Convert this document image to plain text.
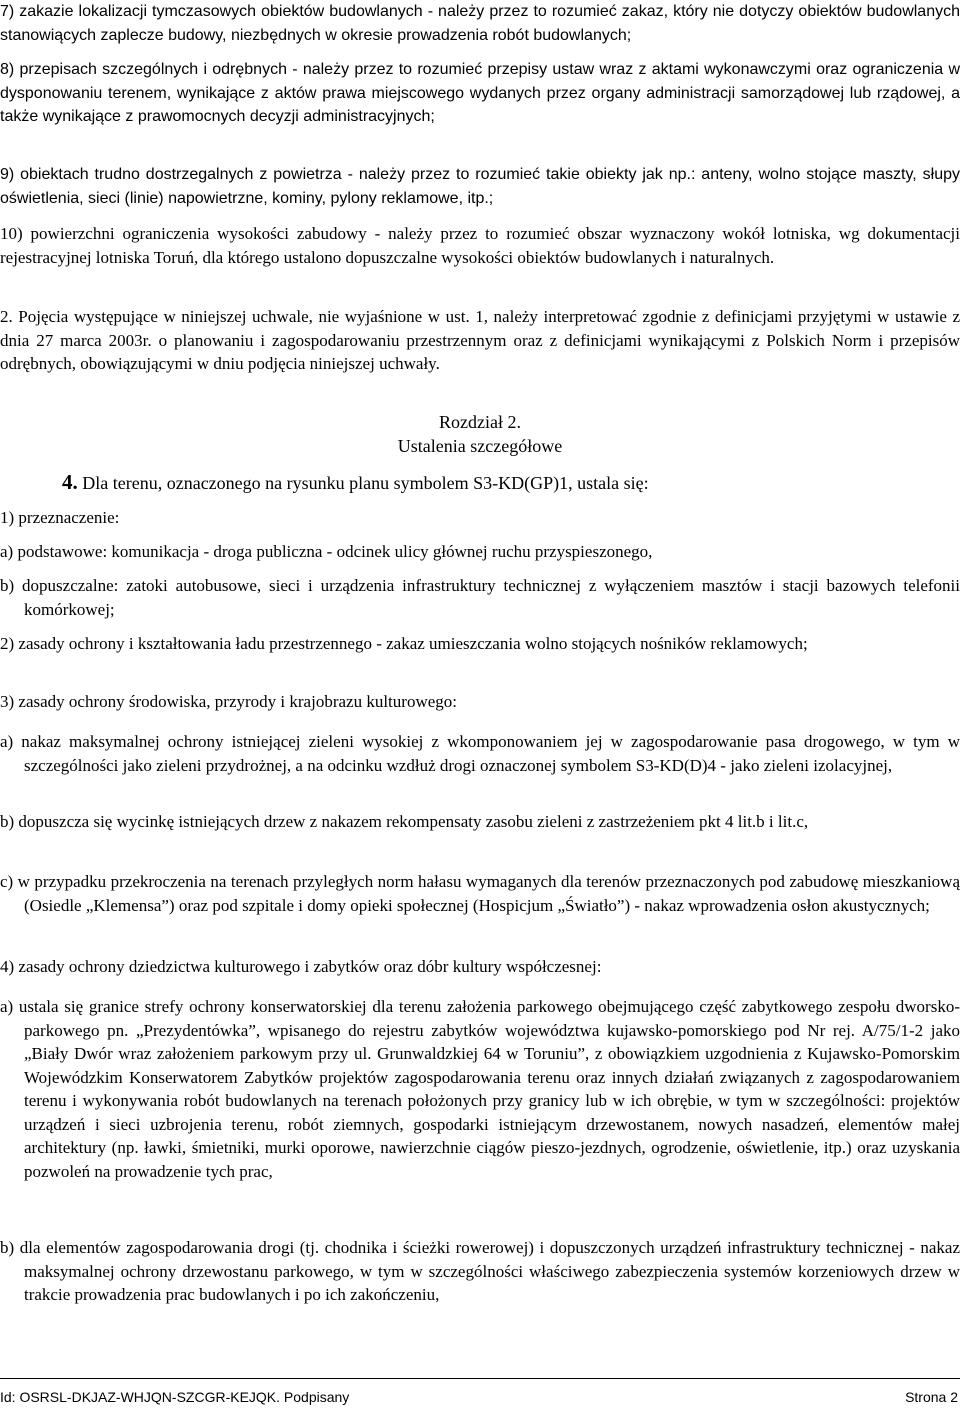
7) zakazie lokalizacji tymczasowych obiektów budowlanych - należy przez to rozumieć zakaz, który nie dotyczy obiektów budowlanych stanowiących zaplecze budowy, niezbędnych w okresie prowadzenia robót budowlanych;

8) przepisach szczególnych i odrębnych - należy przez to rozumieć przepisy ustaw wraz z aktami wykonawczymi oraz ograniczenia w dysponowaniu terenem, wynikające z aktów prawa miejscowego wydanych przez organy administracji samorządowej lub rządowej, a także wynikające z prawomocnych decyzji administracyjnych;

9) obiektach trudno dostrzegalnych z powietrza - należy przez to rozumieć takie obiekty jak np.: anteny, wolno stojące maszty, słupy oświetlenia, sieci (linie) napowietrzne, kominy, pylony reklamowe, itp.;

10) powierzchni ograniczenia wysokości zabudowy - należy przez to rozumieć obszar wyznaczony wokół lotniska, wg dokumentacji rejestracyjnej lotniska Toruń, dla którego ustalono dopuszczalne wysokości obiektów budowlanych i naturalnych.

2. Pojęcia występujące w niniejszej uchwale, nie wyjaśnione w ust. 1, należy interpretować zgodnie z definicjami przyjętymi w ustawie z dnia 27 marca 2003r. o planowaniu i zagospodarowaniu przestrzennym oraz z definicjami wynikającymi z Polskich Norm i przepisów odrębnych, obowiązującymi w dniu podjęcia niniejszej uchwały.

Rozdział 2.
Ustalenia szczegółowe
4. Dla terenu, oznaczonego na rysunku planu symbolem S3-KD(GP)1, ustala się:

1) przeznaczenie:

a) podstawowe: komunikacja - droga publiczna - odcinek ulicy głównej ruchu przyspieszonego,

b) dopuszczalne: zatoki autobusowe, sieci i urządzenia infrastruktury technicznej z wyłączeniem masztów i stacji bazowych telefonii komórkowej;

2) zasady ochrony i kształtowania ładu przestrzennego - zakaz umieszczania wolno stojących nośników reklamowych;

3) zasady ochrony środowiska, przyrody i krajobrazu kulturowego:

a) nakaz maksymalnej ochrony istniejącej zieleni wysokiej z wkomponowaniem jej w zagospodarowanie pasa drogowego, w tym w szczególności jako zieleni przydrożnej, a na odcinku wzdłuż drogi oznaczonej symbolem S3-KD(D)4 - jako zieleni izolacyjnej,

b) dopuszcza się wycinkę istniejących drzew z nakazem rekompensaty zasobu zieleni z zastrzeżeniem pkt 4 lit.b i lit.c,

c) w przypadku przekroczenia na terenach przyległych norm hałasu wymaganych dla terenów przeznaczonych pod zabudowę mieszkaniową (Osiedle „Klemensa”) oraz pod szpitale i domy opieki społecznej (Hospicjum „Światło”) - nakaz wprowadzenia osłon akustycznych;

4) zasady ochrony dziedzictwa kulturowego i zabytków oraz dóbr kultury współczesnej:

a) ustala się granice strefy ochrony konserwatorskiej dla terenu założenia parkowego obejmującego część zabytkowego zespołu dworsko-parkowego pn. „Prezydentówka”, wpisanego do rejestru zabytków województwa kujawsko-pomorskiego pod Nr rej. A/75/1-2 jako „Biały Dwór wraz założeniem parkowym przy ul. Grunwaldzkiej 64 w Toruniu”, z obowiązkiem uzgodnienia z Kujawsko-Pomorskim Wojewódzkim Konserwatorem Zabytków projektów zagospodarowania terenu oraz innych działań związanych z zagospodarowaniem terenu i wykonywania robót budowlanych na terenach położonych przy granicy lub w ich obrębie, w tym w szczególności: projektów urządzeń i sieci uzbrojenia terenu, robót ziemnych, gospodarki istniejącym drzewostanem, nowych nasadzeń, elementów małej architektury (np. ławki, śmietniki, murki oporowe, nawierzchnie ciągów pieszo-jezdnych, ogrodzenie, oświetlenie, itp.) oraz uzyskania pozwoleń na prowadzenie tych prac,

b) dla elementów zagospodarowania drogi (tj. chodnika i ścieżki rowerowej) i dopuszczonych urządzeń infrastruktury technicznej - nakaz maksymalnej ochrony drzewostanu parkowego, w tym w szczególności właściwego zabezpieczenia systemów korzeniowych drzew w trakcie prowadzenia prac budowlanych i po ich zakończeniu,

Id: OSRSL-DKJAZ-WHJQN-SZCGR-KEJQK. Podpisany	Strona 2
